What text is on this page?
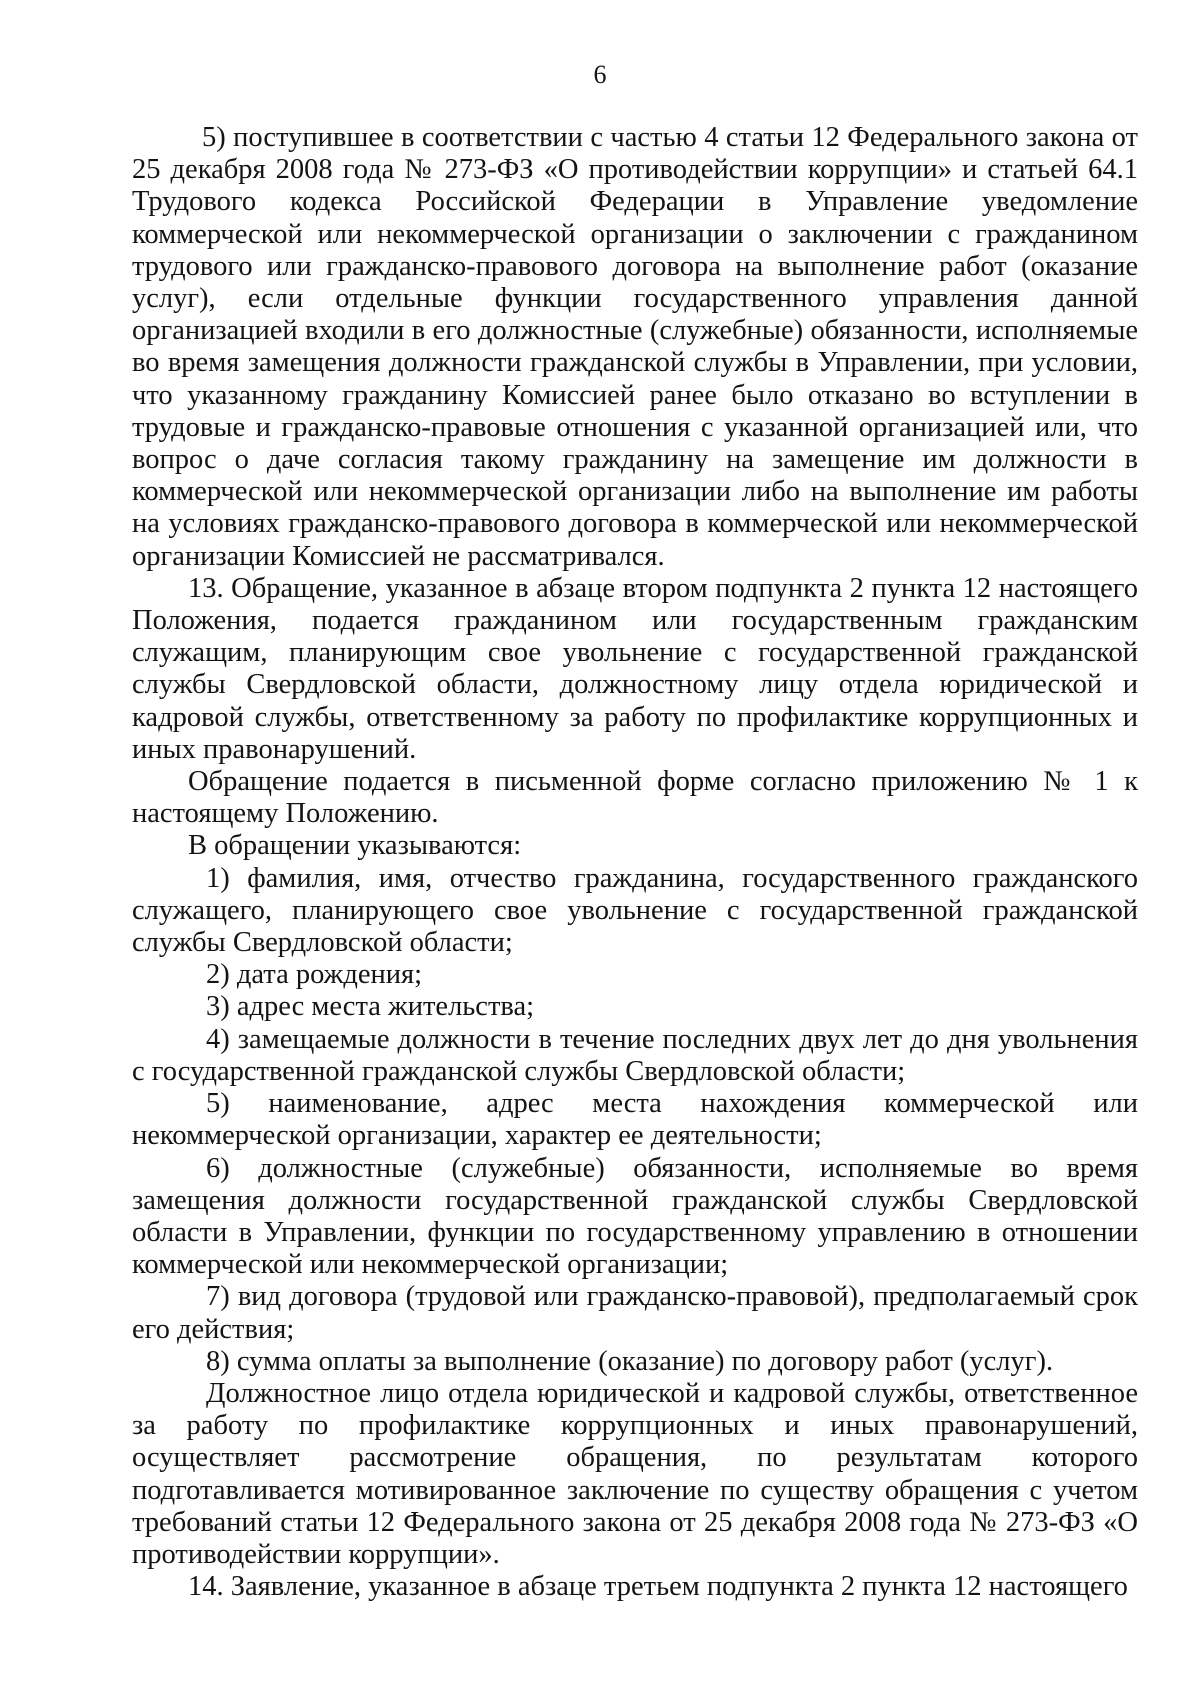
6

5) поступившее в соответствии с частью 4 статьи 12 Федерального закона от 25 декабря 2008 года № 273-ФЗ «О противодействии коррупции» и статьей 64.1 Трудового кодекса Российской Федерации в Управление уведомление коммерческой или некоммерческой организации о заключении с гражданином трудового или гражданско-правового договора на выполнение работ (оказание услуг), если отдельные функции государственного управления данной организацией входили в его должностные (служебные) обязанности, исполняемые во время замещения должности гражданской службы в Управлении, при условии, что указанному гражданину Комиссией ранее было отказано во вступлении в трудовые и гражданско-правовые отношения с указанной организацией или, что вопрос о даче согласия такому гражданину на замещение им должности в коммерческой или некоммерческой организации либо на выполнение им работы на условиях гражданско-правового договора в коммерческой или некоммерческой организации Комиссией не рассматривался.

13. Обращение, указанное в абзаце втором подпункта 2 пункта 12 настоящего Положения, подается гражданином или государственным гражданским служащим, планирующим свое увольнение с государственной гражданской службы Свердловской области, должностному лицу отдела юридической и кадровой службы, ответственному за работу по профилактике коррупционных и иных правонарушений.

Обращение подается в письменной форме согласно приложению № 1 к настоящему Положению.

В обращении указываются:

1) фамилия, имя, отчество гражданина, государственного гражданского служащего, планирующего свое увольнение с государственной гражданской службы Свердловской области;

2) дата рождения;

3) адрес места жительства;

4) замещаемые должности в течение последних двух лет до дня увольнения с государственной гражданской службы Свердловской области;

5) наименование, адрес места нахождения коммерческой или некоммерческой организации, характер ее деятельности;

6) должностные (служебные) обязанности, исполняемые во время замещения должности государственной гражданской службы Свердловской области в Управлении, функции по государственному управлению в отношении коммерческой или некоммерческой организации;

7) вид договора (трудовой или гражданско-правовой), предполагаемый срок его действия;

8) сумма оплаты за выполнение (оказание) по договору работ (услуг).

Должностное лицо отдела юридической и кадровой службы, ответственное за работу по профилактике коррупционных и иных правонарушений, осуществляет рассмотрение обращения, по результатам которого подготавливается мотивированное заключение по существу обращения с учетом требований статьи 12 Федерального закона от 25 декабря 2008 года № 273-ФЗ «О противодействии коррупции».

14. Заявление, указанное в абзаце третьем подпункта 2 пункта 12 настоящего
